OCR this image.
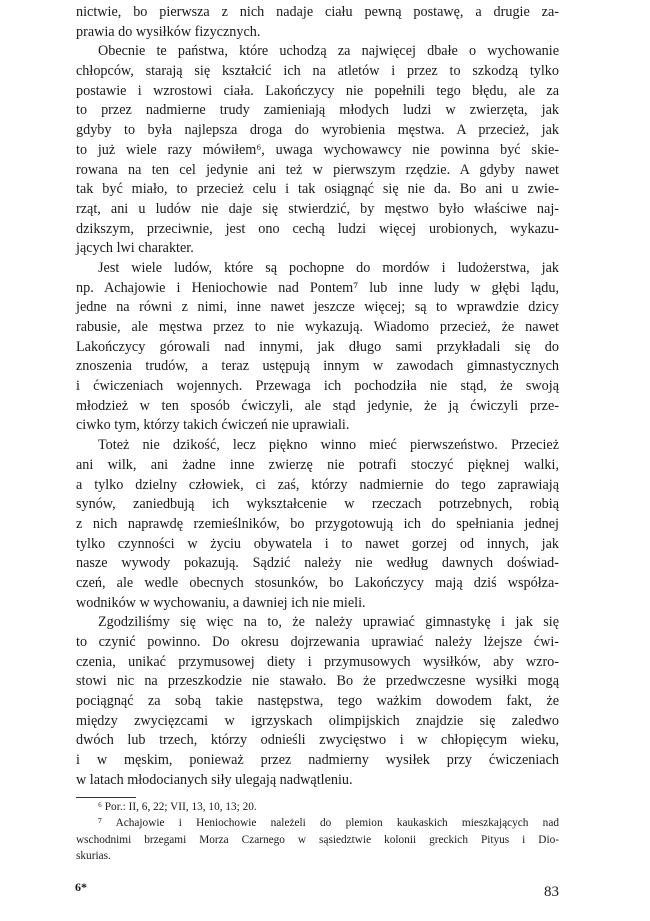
nictwie, bo pierwsza z nich nadaje ciału pewną postawę, a drugie za-
prawia do wysiłków fizycznych.
Obecnie te państwa, które uchodzą za najwięcej dbałe o wychowanie
chłopców, starają się kształcić ich na atletów i przez to szkodzą tylko
postawie i wzrostowi ciała. Lakończycy nie popełnili tego błędu, ale za
to przez nadmierne trudy zamieniają młodych ludzi w zwierzęta, jak
gdyby to była najlepsza droga do wyrobienia męstwa. A przecież, jak
to już wiele razy mówiłem⁶, uwaga wychowawcy nie powinna być skie-
rowana na ten cel jedynie ani też w pierwszym rzędzie. A gdyby nawet
tak być miało, to przecież celu i tak osiągnąć się nie da. Bo ani u zwie-
rząt, ani u ludów nie daje się stwierdzić, by męstwo było właściwe naj-
dzikszym, przeciwnie, jest ono cechą ludzi więcej urobionych, wykazu-
jących lwi charakter.
Jest wiele ludów, które są pochopne do mordów i ludożerstwa, jak
np. Achajowie i Heniochowie nad Pontem⁷ lub inne ludy w głębi lądu,
jedne na równi z nimi, inne nawet jeszcze więcej; są to wprawdzie dzicy
rabusie, ale męstwa przez to nie wykazują. Wiadomo przecież, że nawet
Lakończycy górowali nad innymi, jak długo sami przykładali się do
znoszenia trudów, a teraz ustępują innym w zawodach gimnastycznych
i ćwiczeniach wojennych. Przewaga ich pochodziła nie stąd, że swoją
młodzież w ten sposób ćwiczyli, ale stąd jedynie, że ją ćwiczyli prze-
ciwko tym, którzy takich ćwiczeń nie uprawiali.
Toteż nie dzikość, lecz piękno winno mieć pierwszeństwo. Przecież
ani wilk, ani żadne inne zwierzę nie potrafi stoczyć pięknej walki,
a tylko dzielny człowiek, ci zaś, którzy nadmiernie do tego zaprawiają
synów, zaniedbują ich wykształcenie w rzeczach potrzebnych, robią
z nich naprawdę rzemieślników, bo przygotowują ich do spełniania jednej
tylko czynności w życiu obywatela i to nawet gorzej od innych, jak
nasze wywody pokazują. Sądzić należy nie według dawnych doświad-
czeń, ale wedle obecnych stosunków, bo Lakończycy mają dziś współza-
wodników w wychowaniu, a dawniej ich nie mieli.
Zgodziliśmy się więc na to, że należy uprawiać gimnastykę i jak się
to czynić powinno. Do okresu dojrzewania uprawiać należy lżejsze ćwi-
czenia, unikać przymusowej diety i przymusowych wysiłków, aby wzro-
stowi nic na przeszkodzie nie stawało. Bo że przedwczesne wysiłki mogą
pociągnąć za sobą takie następstwa, tego ważkim dowodem fakt, że
między zwycięzcami w igrzyskach olimpijskich znajdzie się zaledwo
dwóch lub trzech, którzy odnieśli zwycięstwo i w chłopięcym wieku,
i w męskim, ponieważ przez nadmierny wysiłek przy ćwiczeniach
w latach młodocianych siły ulegają nadwątleniu.
⁶ Por.: II, 6, 22; VII, 13, 10, 13; 20.
⁷ Achajowie i Heniochowie należeli do plemion kaukaskich mieszkających nad
wschodnimi brzegami Morza Czarnego w sąsiedztwie kolonii greckich Pityus i Dio-
skurias.
6*	83
